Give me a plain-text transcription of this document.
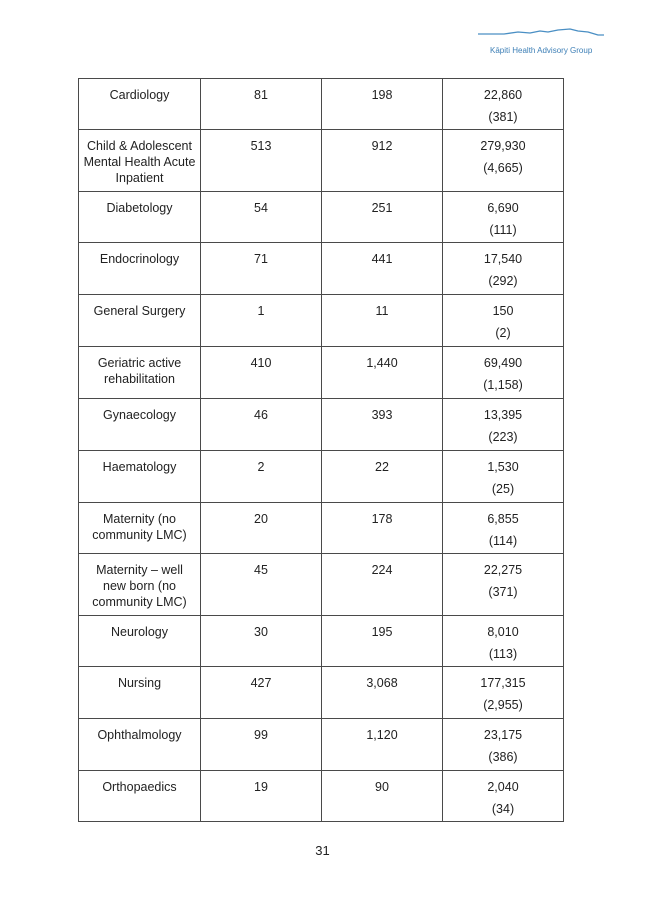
Kāpiti Health Advisory Group
Cardiology	81	198	22,860
(381)

Child & Adolescent Mental Health Acute Inpatient	513	912	279,930
(4,665)

Diabetology	54	251	6,690
(111)

Endocrinology	71	441	17,540
(292)

General Surgery	1	11	150
(2)

Geriatric active rehabilitation	410	1,440	69,490
(1,158)

Gynaecology	46	393	13,395
(223)

Haematology	2	22	1,530
(25)

Maternity (no community LMC)	20	178	6,855
(114)

Maternity – well new born (no community LMC)	45	224	22,275
(371)

Neurology	30	195	8,010
(113)

Nursing	427	3,068	177,315
(2,955)

Ophthalmology	99	1,120	23,175
(386)

Orthopaedics	19	90	2,040
(34)
31
